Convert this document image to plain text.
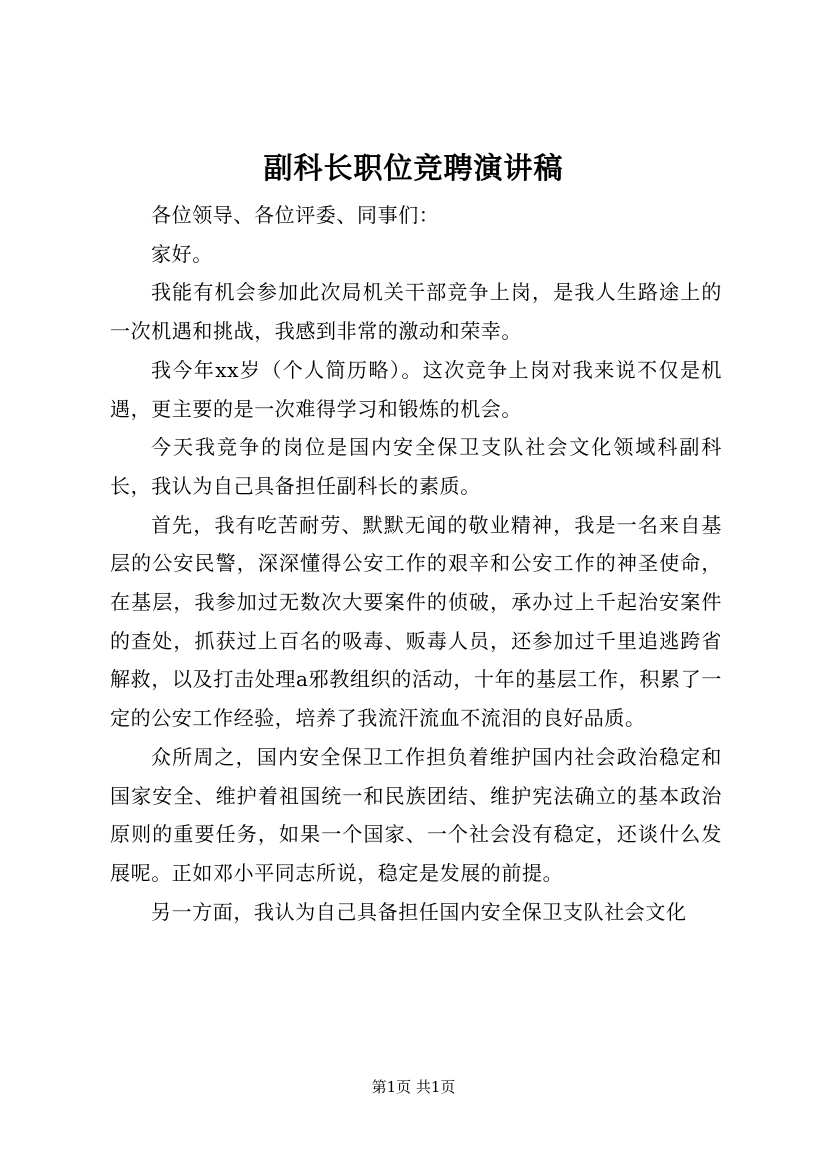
副科长职位竞聘演讲稿

各位领导、各位评委、同事们：

家好。

我能有机会参加此次局机关干部竞争上岗，是我人生路途上的一次机遇和挑战，我感到非常的激动和荣幸。

我今年xx岁（个人简历略）。这次竞争上岗对我来说不仅是机遇，更主要的是一次难得学习和锻炼的机会。

今天我竞争的岗位是国内安全保卫支队社会文化领域科副科长，我认为自己具备担任副科长的素质。

首先，我有吃苦耐劳、默默无闻的敬业精神，我是一名来自基层的公安民警，深深懂得公安工作的艰辛和公安工作的神圣使命，在基层，我参加过无数次大要案件的侦破，承办过上千起治安案件的查处，抓获过上百名的吸毒、贩毒人员，还参加过千里追逃跨省解救，以及打击处理a邪教组织的活动，十年的基层工作，积累了一定的公安工作经验，培养了我流汗流血不流泪的良好品质。

众所周之，国内安全保卫工作担负着维护国内社会政治稳定和国家安全、维护着祖国统一和民族团结、维护宪法确立的基本政治原则的重要任务，如果一个国家、一个社会没有稳定，还谈什么发展呢。正如邓小平同志所说，稳定是发展的前提。

另一方面，我认为自己具备担任国内安全保卫支队社会文化

第1页 共1页
